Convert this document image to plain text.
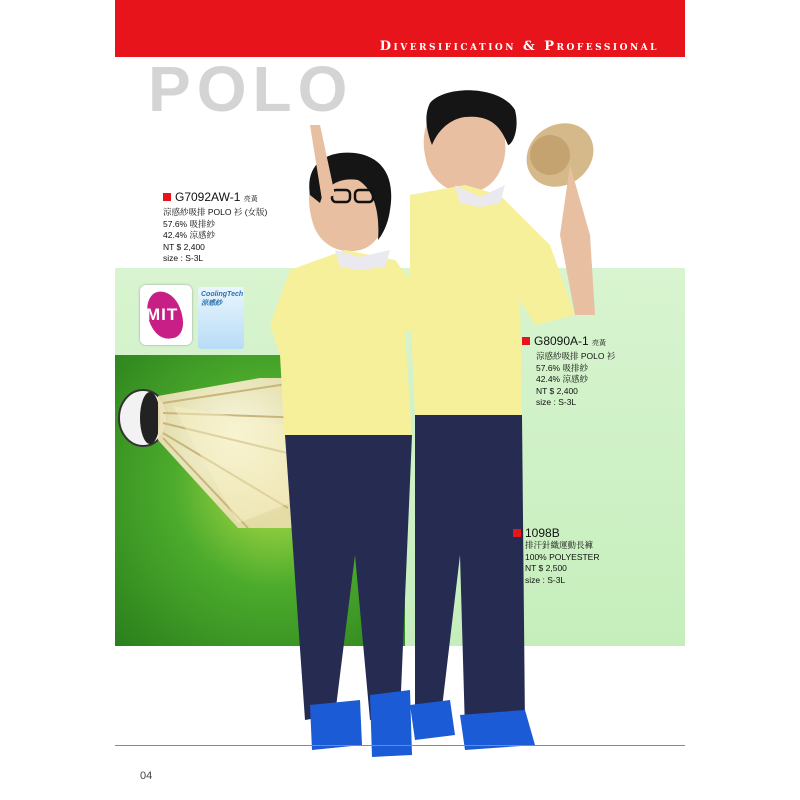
Diversification & Professional
POLO
MIT
CoolingTech 涼感紗
G7092AW-1 亮黃
涼感紗吸排 POLO 衫 (女版)
57.6% 吸排紗
42.4% 涼感紗
NT $ 2,400
size : S-3L
G8090A-1 亮黃
涼感紗吸排 POLO 衫
57.6% 吸排紗
42.4% 涼感紗
NT $ 2,400
size : S-3L
1098B
排汗針織運動長褲
100% POLYESTER
NT $ 2,500
size : S-3L
04
